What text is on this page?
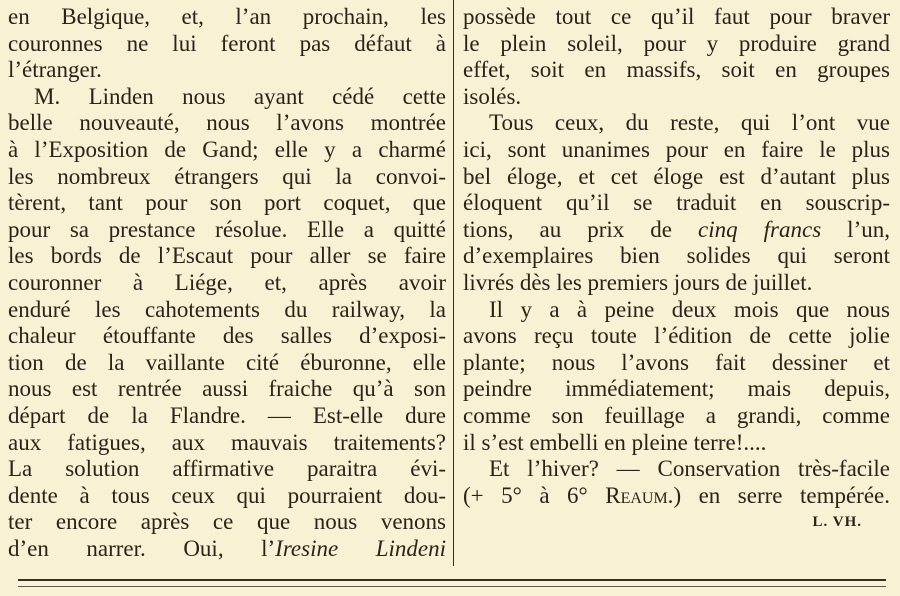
en Belgique, et, l’an prochain, les
couronnes ne lui feront pas défaut à
l’étranger.
M. Linden nous ayant cédé cette
belle nouveauté, nous l’avons montrée
à l’Exposition de Gand; elle y a charmé
les nombreux étrangers qui la convoi-
tèrent, tant pour son port coquet, que
pour sa prestance résolue. Elle a quitté
les bords de l’Escaut pour aller se faire
couronner à Liége, et, après avoir
enduré les cahotements du railway, la
chaleur étouffante des salles d’exposi-
tion de la vaillante cité éburonne, elle
nous est rentrée aussi fraiche qu’à son
départ de la Flandre. — Est-elle dure
aux fatigues, aux mauvais traitements?
La solution affirmative paraitra évi-
dente à tous ceux qui pourraient dou-
ter encore après ce que nous venons
d’en narrer. Oui, l’Iresine Lindeni
possède tout ce qu’il faut pour braver
le plein soleil, pour y produire grand
effet, soit en massifs, soit en groupes
isolés.
Tous ceux, du reste, qui l’ont vue
ici, sont unanimes pour en faire le plus
bel éloge, et cet éloge est d’autant plus
éloquent qu’il se traduit en souscrip-
tions, au prix de cinq francs l’un,
d’exemplaires bien solides qui seront
livrés dès les premiers jours de juillet.
Il y a à peine deux mois que nous
avons reçu toute l’édition de cette jolie
plante; nous l’avons fait dessiner et
peindre immédiatement; mais depuis,
comme son feuillage a grandi, comme
il s’est embelli en pleine terre!....
Et l’hiver? — Conservation très-facile
(+ 5° à 6° Reaum.) en serre tempérée.
L. VH.
